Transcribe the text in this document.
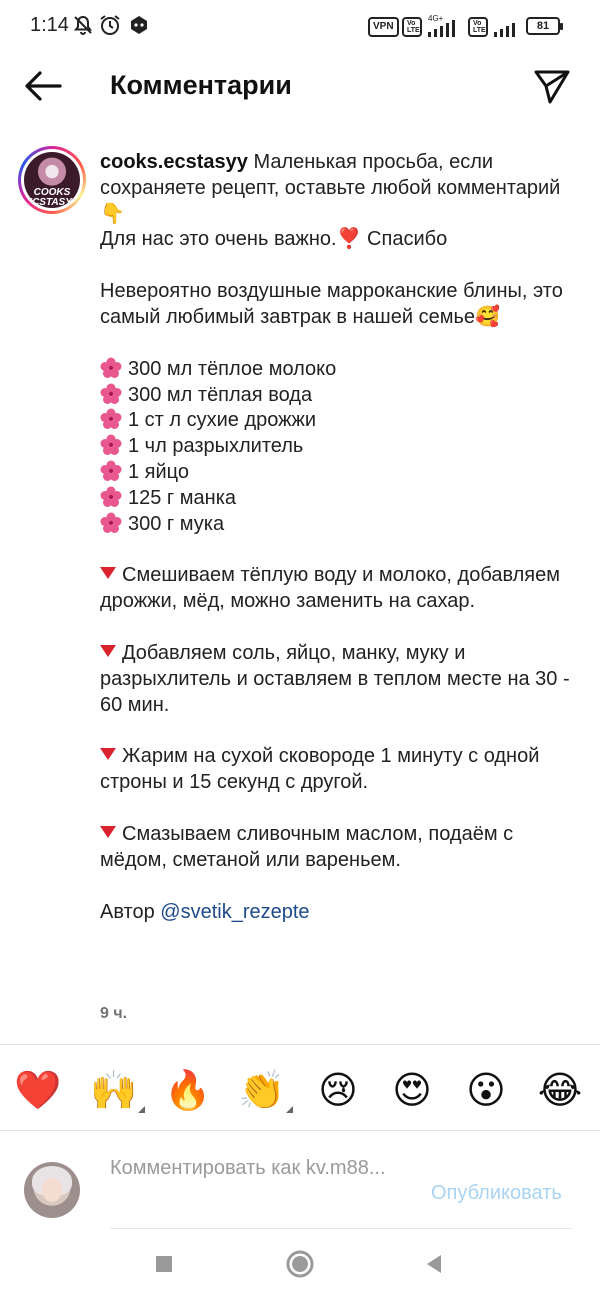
1:14	VPN	Vo LTE
4G+
Vo LTE	81
Комментарии
COOKS ECSTASYY

cooks.ecstasyy Маленькая просьба, если сохраняете рецепт, оставьте любой комментарий👇

Для нас это очень важно.❣️ Спасибо

Невероятно воздушные марроканские блины, это самый любимый завтрак в нашей семье🥰

300 мл тёплое молоко

300 мл тёплая вода

1 ст л сухие дрожжи

1 чл разрыхлитель

1 яйцо

125 г манка

300 г мука

Смешиваем тёплую воду и молоко, добавляем дрожжи, мёд, можно заменить на сахар.

Добавляем соль, яйцо, манку, муку и разрыхлитель и оставляем в теплом месте на 30 - 60 мин.

Жарим на сухой сковороде 1 минуту с одной строны и 15 секунд с другой.

Смазываем сливочным маслом, подаём с мёдом, сметаной или вареньем.

Автор @svetik_rezepte

9 ч.
❤️ 🙌 🔥 👏 😢 😍 😮 😂
Комментировать как kv.m88...
Опубликовать
